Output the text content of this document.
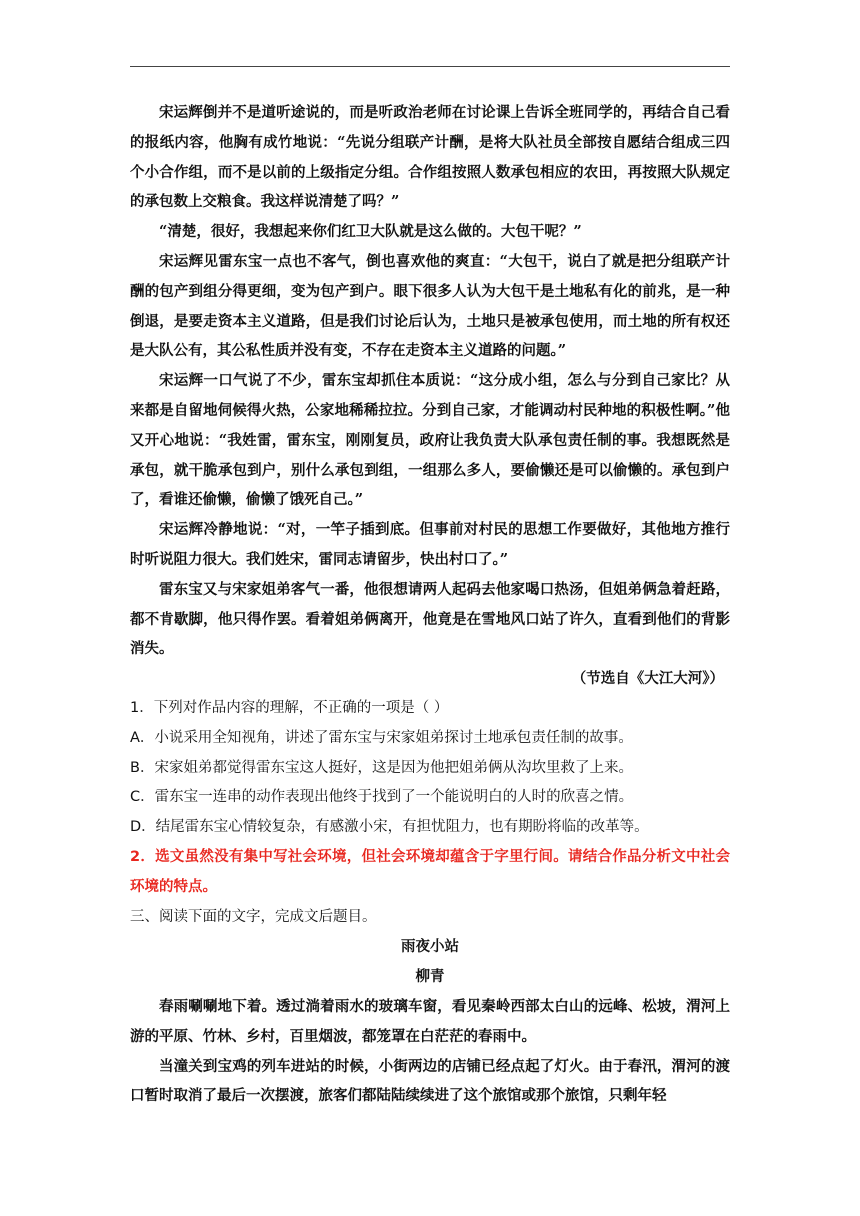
宋运辉倒并不是道听途说的，而是听政治老师在讨论课上告诉全班同学的，再结合自己看的报纸内容，他胸有成竹地说：“先说分组联产计酬，是将大队社员全部按自愿结合组成三四个小合作组，而不是以前的上级指定分组。合作组按照人数承包相应的农田，再按照大队规定的承包数上交粮食。我这样说清楚了吗？”

“清楚，很好，我想起来你们红卫大队就是这么做的。大包干呢？”

宋运辉见雷东宝一点也不客气，倒也喜欢他的爽直：“大包干，说白了就是把分组联产计酬的包产到组分得更细，变为包产到户。眼下很多人认为大包干是土地私有化的前兆，是一种倒退，是要走资本主义道路，但是我们讨论后认为，土地只是被承包使用，而土地的所有权还是大队公有，其公私性质并没有变，不存在走资本主义道路的问题。”

宋运辉一口气说了不少，雷东宝却抓住本质说：“这分成小组，怎么与分到自己家比？从来都是自留地伺候得火热，公家地稀稀拉拉。分到自己家，才能调动村民种地的积极性啊。”他又开心地说：“我姓雷，雷东宝，刚刚复员，政府让我负责大队承包责任制的事。我想既然是承包，就干脆承包到户，别什么承包到组，一组那么多人，要偷懒还是可以偷懒的。承包到户了，看谁还偷懒，偷懒了饿死自己。”

宋运辉冷静地说：“对，一竿子插到底。但事前对村民的思想工作要做好，其他地方推行时听说阻力很大。我们姓宋，雷同志请留步，快出村口了。”

雷东宝又与宋家姐弟客气一番，他很想请两人起码去他家喝口热汤，但姐弟俩急着赶路，都不肯歇脚，他只得作罢。看着姐弟俩离开，他竟是在雪地风口站了许久，直看到他们的背影消失。

（节选自《大江大河》）

1．下列对作品内容的理解，不正确的一项是（ ）

A．小说采用全知视角，讲述了雷东宝与宋家姐弟探讨土地承包责任制的故事。

B．宋家姐弟都觉得雷东宝这人挺好，这是因为他把姐弟俩从沟坎里救了上来。

C．雷东宝一连串的动作表现出他终于找到了一个能说明白的人时的欣喜之情。

D．结尾雷东宝心情较复杂，有感激小宋，有担忧阻力，也有期盼将临的改革等。

2．选文虽然没有集中写社会环境，但社会环境却蕴含于字里行间。请结合作品分析文中社会环境的特点。

三、阅读下面的文字，完成文后题目。

雨夜小站

柳青

春雨唰唰地下着。透过淌着雨水的玻璃车窗，看见秦岭西部太白山的远峰、松坡，渭河上游的平原、竹林、乡村，百里烟波，都笼罩在白茫茫的春雨中。

当潼关到宝鸡的列车进站的时候，小街两边的店铺已经点起了灯火。由于春汛，渭河的渡口暂时取消了最后一次摆渡，旅客们都陆陆续续进了这个旅馆或那个旅馆，只剩年轻
